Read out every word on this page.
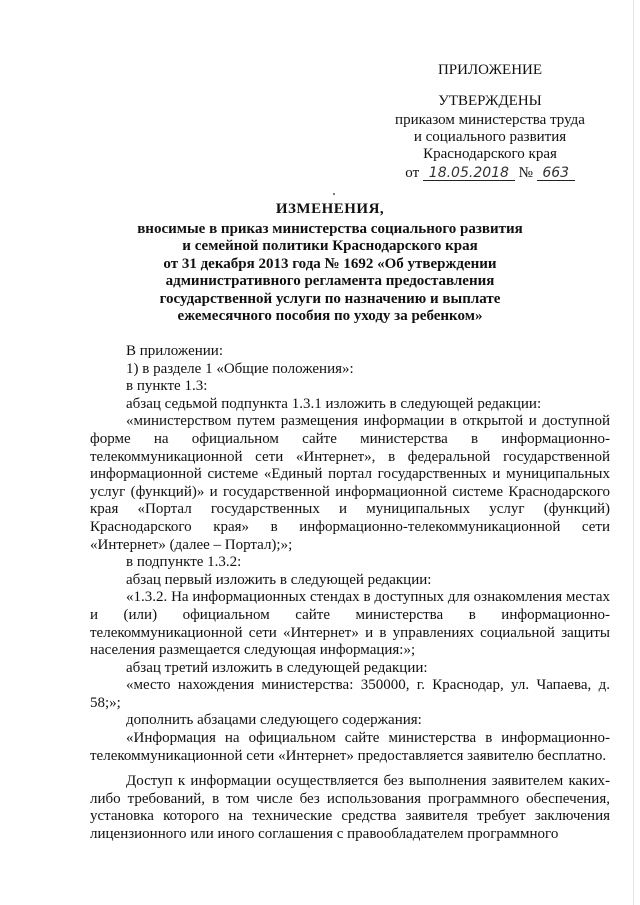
ПРИЛОЖЕНИЕ
УТВЕРЖДЕНЫ
приказом министерства труда
и социального развития
Краснодарского края
от 18.05.2018 № 663
ИЗМЕНЕНИЯ,
вносимые в приказ министерства социального развития
и семейной политики Краснодарского края
от 31 декабря 2013 года № 1692 «Об утверждении
административного регламента предоставления
государственной услуги по назначению и выплате
ежемесячного пособия по уходу за ребенком»

В приложении:

1) в разделе 1 «Общие положения»:

в пункте 1.3:

абзац седьмой подпункта 1.3.1 изложить в следующей редакции:

«министерством путем размещения информации в открытой и доступной форме на официальном сайте министерства в информационно-телекоммуникационной сети «Интернет», в федеральной государственной информационной системе «Единый портал государственных и муниципальных услуг (функций)» и государственной информационной системе Краснодарского края «Портал государственных и муниципальных услуг (функций) Краснодарского края» в информационно-телекоммуникационной сети «Интернет» (далее – Портал);»;

в подпункте 1.3.2:

абзац первый изложить в следующей редакции:

«1.3.2. На информационных стендах в доступных для ознакомления местах и (или) официальном сайте министерства в информационно-телекоммуникационной сети «Интернет» и в управлениях социальной защиты населения размещается следующая информация:»;

абзац третий изложить в следующей редакции:

«место нахождения министерства: 350000, г. Краснодар, ул. Чапаева, д. 58;»;

дополнить абзацами следующего содержания:

«Информация на официальном сайте министерства в информационно-телекоммуникационной сети «Интернет» предоставляется заявителю бесплатно.

Доступ к информации осуществляется без выполнения заявителем каких-либо требований, в том числе без использования программного обеспечения, установка которого на технические средства заявителя требует заключения лицензионного или иного соглашения с правообладателем программного
